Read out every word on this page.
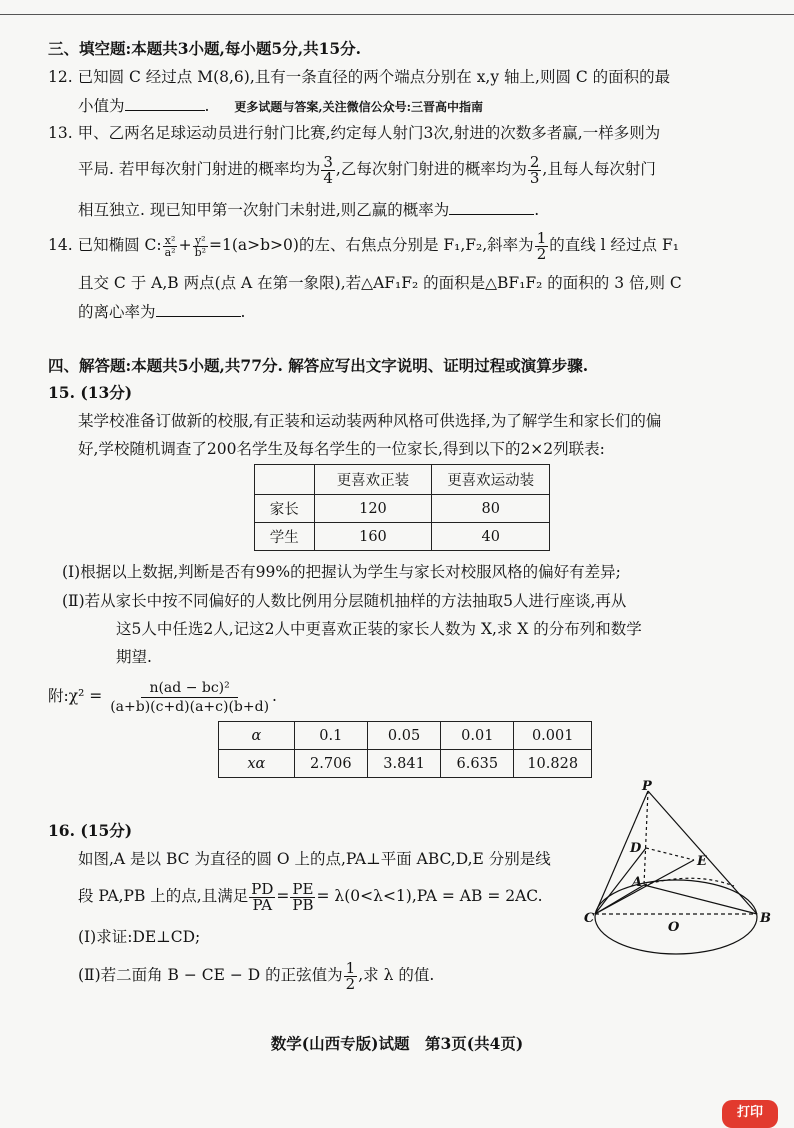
三、填空题:本题共3小题,每小题5分,共15分.
12. 已知圆 C 经过点 M(8,6),且有一条直径的两个端点分别在 x,y 轴上,则圆 C 的面积的最
小值为	. 更多试题与答案,关注微信公众号:三晋高中指南
13. 甲、乙两名足球运动员进行射门比赛,约定每人射门3次,射进的次数多者赢,一样多则为
平局. 若甲每次射门射进的概率均为 $\frac{3}{4}$ ,乙每次射门射进的概率均为 $\frac{2}{3}$ ,且每人每次射门
相互独立. 现已知甲第一次射门未射进,则乙赢的概率为	.
14. 已知椭圆 C: $\frac{\text{x²}}{\text{a²}} + \frac{\text{y²}}{\text{b²}} =1(a>b>0)$的左、右焦点分别是 F₁,F₂,斜率为 $\frac{1}{2}$ 的直线 l 经过点 F₁
且交 C 于 A,B 两点(点 A 在第一象限),若△AF₁F₂ 的面积是△BF₁F₂ 的面积的 3 倍,则 C
的离心率为	.
四、解答题:本题共5小题,共77分. 解答应写出文字说明、证明过程或演算步骤.
15. (13分)
某学校准备订做新的校服,有正装和运动装两种风格可供选择,为了解学生和家长们的偏
好,学校随机调查了200名学生及每名学生的一位家长,得到以下的2×2列联表:
	更喜欢正装	更喜欢运动装
家长	120	80
学生	160	40
(Ⅰ)根据以上数据,判断是否有99%的把握认为学生与家长对校服风格的偏好有差异;
(Ⅱ)若从家长中按不同偏好的人数比例用分层随机抽样的方法抽取5人进行座谈,再从
这5人中任选2人,记这2人中更喜欢正装的家长人数为 X,求 X 的分布列和数学
期望.
附:χ² = $\frac{\text{n(ad − bc)²}}{(a+b)(c+d)(a+c)(b+d)}$ .
α	0.1	0.05	0.01	0.001
xα	2.706	3.841	6.635	10.828
16. (15分)
如图,A 是以 BC 为直径的圆 O 上的点,PA⊥平面 ABC,D,E 分别是线
段 PA,PB 上的点,且满足 $\frac{PD}{PA} = \frac{PE}{PB} = \lambda(0<\lambda<1),PA$ = AB = 2AC.
(Ⅰ)求证:DE⊥CD;
(Ⅱ)若二面角 B − CE − D 的正弦值为 $\frac{1}{2}$ ,求 λ 的值.
P
D
E
A
C
O
B
数学(山西专版)试题　第3页(共4页)
打印
